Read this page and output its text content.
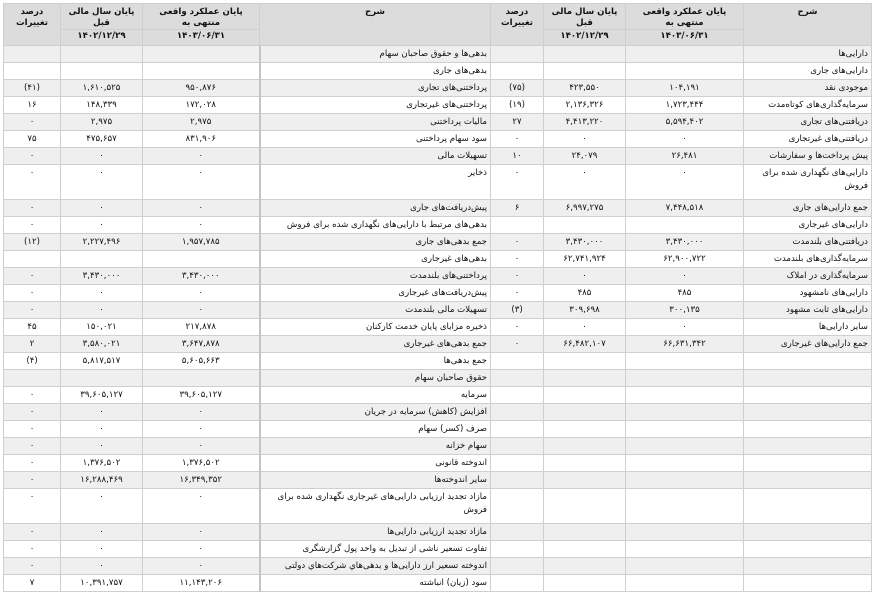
شرح	پایان عملکرد واقعی منتهی به	پایان سال مالی قبل	درصد تغییرات	شرح	پایان عملکرد واقعی منتهی به	پایان سال مالی قبل	درصد تغییرات
	۱۴۰۳/۰۶/۳۱	۱۴۰۲/۱۲/۲۹			۱۴۰۳/۰۶/۳۱	۱۴۰۲/۱۲/۲۹	
دارایی‌ها				بدهی‌ها و حقوق صاحبان سهام			
دارایی‌های جاری				بدهی‌های جاری			
موجودی نقد	۱۰۴,۱۹۱	۴۲۳,۵۵۰	(۷۵)	پرداختنی‌های تجاری	۹۵۰,۸۷۶	۱,۶۱۰,۵۲۵	(۴۱)
سرمایه‌گذاری‌های کوتاه‌مدت	۱,۷۲۳,۴۴۴	۲,۱۳۶,۳۲۶	(۱۹)	پرداختنی‌های غیرتجاری	۱۷۲,۰۲۸	۱۴۸,۳۳۹	۱۶
دریافتنی‌های تجاری	۵,۵۹۴,۴۰۲	۴,۴۱۳,۲۲۰	۲۷	مالیات پرداختنی	۲,۹۷۵	۲,۹۷۵	۰
دریافتنی‌های غیرتجاری	۰	۰	۰	سود سهام پرداختنی	۸۳۱,۹۰۶	۴۷۵,۶۵۷	۷۵
پیش پرداخت‌ها و سفارشات	۲۶,۴۸۱	۲۴,۰۷۹	۱۰	تسهیلات مالی	۰	۰	۰
دارایی‌های نگهداری شده برای فروش	۰	۰	۰	ذخایر	۰	۰	۰
جمع دارایی‌های جاری	۷,۴۴۸,۵۱۸	۶,۹۹۷,۲۷۵	۶	پیش‌دریافت‌های جاری	۰	۰	۰
دارایی‌های غیرجاری				بدهی‌های مرتبط با دارایی‌های نگهداری شده برای فروش	۰	۰	۰
دریافتنی‌های بلندمدت	۳,۴۳۰,۰۰۰	۳,۴۳۰,۰۰۰	۰	جمع بدهی‌های جاری	۱,۹۵۷,۷۸۵	۲,۲۲۷,۴۹۶	(۱۲)
سرمایه‌گذاری‌های بلندمدت	۶۲,۹۰۰,۷۲۲	۶۲,۷۴۱,۹۲۴	۰	بدهی‌های غیرجاری			
سرمایه‌گذاری در املاک	۰	۰	۰	پرداختنی‌های بلندمدت	۳,۴۳۰,۰۰۰	۳,۴۳۰,۰۰۰	۰
دارایی‌های نامشهود	۴۸۵	۴۸۵	۰	پیش‌دریافت‌های غیرجاری	۰	۰	۰
دارایی‌های ثابت مشهود	۳۰۰,۱۳۵	۳۰۹,۶۹۸	(۳)	تسهیلات مالی بلندمدت	۰	۰	۰
سایر دارایی‌ها	۰	۰	۰	ذخیره مزایای پایان خدمت کارکنان	۲۱۷,۸۷۸	۱۵۰,۰۲۱	۴۵
جمع دارایی‌های غیرجاری	۶۶,۶۳۱,۳۴۲	۶۶,۴۸۲,۱۰۷	۰	جمع بدهی‌های غیرجاری	۳,۶۴۷,۸۷۸	۳,۵۸۰,۰۲۱	۲
				جمع بدهی‌ها	۵,۶۰۵,۶۶۳	۵,۸۱۷,۵۱۷	(۴)
				حقوق صاحبان سهام			
				سرمایه	۳۹,۶۰۵,۱۲۷	۳۹,۶۰۵,۱۲۷	۰
				افزایش (کاهش) سرمایه در جریان	۰	۰	۰
				صرف (کسر) سهام	۰	۰	۰
				سهام خزانه	۰	۰	۰
				اندوخته قانونی	۱,۳۷۶,۵۰۲	۱,۳۷۶,۵۰۲	۰
				سایر اندوخته‌ها	۱۶,۳۴۹,۳۵۲	۱۶,۲۸۸,۴۶۹	۰
				مازاد تجدید ارزیابی دارایی‌های غیرجاری نگهداری شده برای فروش	۰	۰	۰
				مازاد تجدید ارزیابی دارایی‌ها	۰	۰	۰
				تفاوت تسعیر ناشی از تبدیل به واحد پول گزارشگری	۰	۰	۰
				اندوخته تسعیر ارز دارایی‌ها و بدهی‌هاي شرکت‌هاي دولتی	۰	۰	۰
				سود (زیان) انباشته	۱۱,۱۴۳,۲۰۶	۱۰,۳۹۱,۷۵۷	۷
